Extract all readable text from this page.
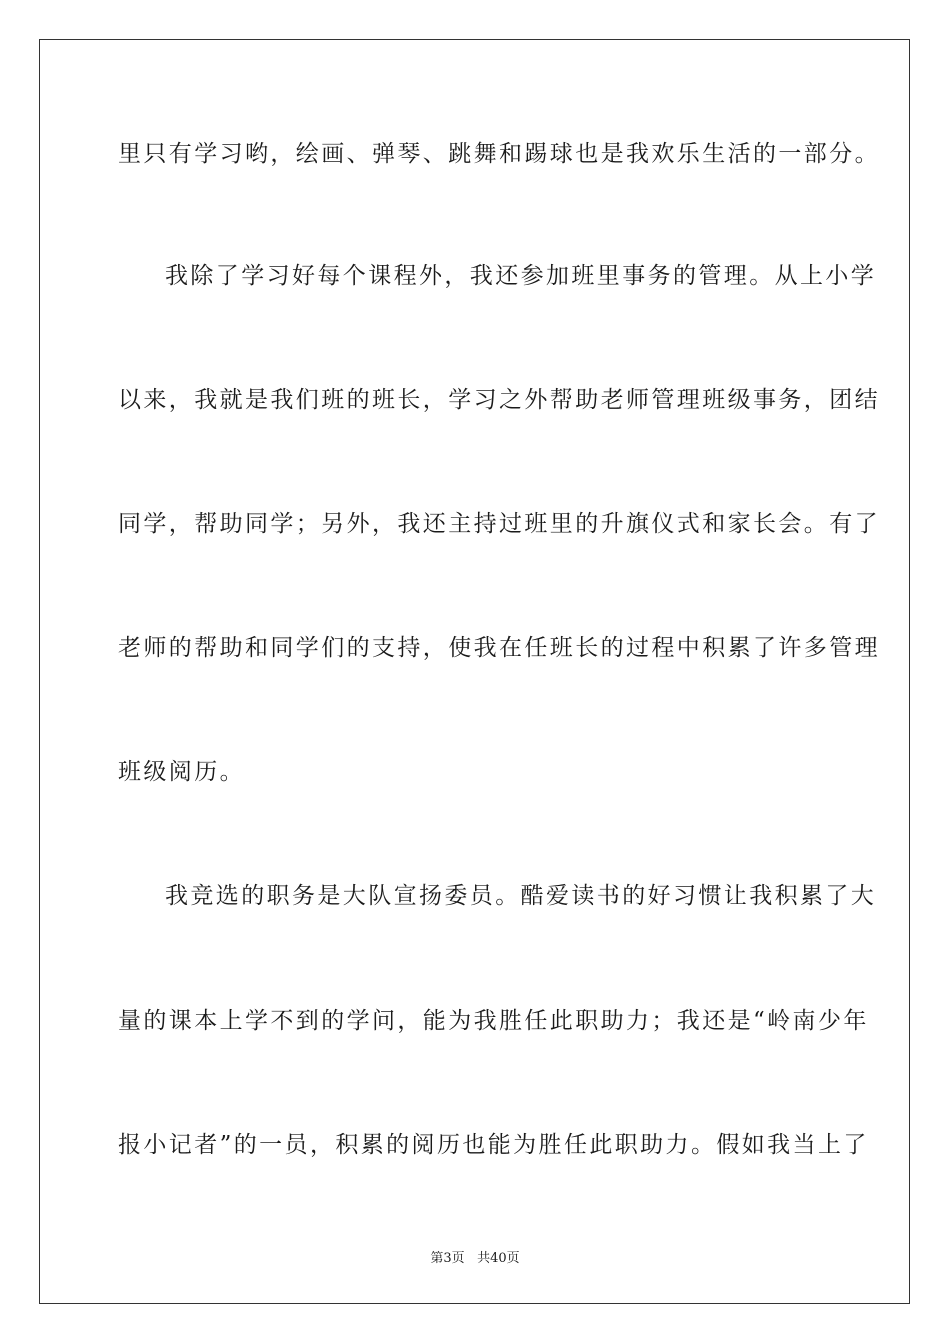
里只有学习哟，绘画、弹琴、跳舞和踢球也是我欢乐生活的一部分。
我除了学习好每个课程外，我还参加班里事务的管理。从上小学
以来，我就是我们班的班长，学习之外帮助老师管理班级事务，团结
同学，帮助同学；另外，我还主持过班里的升旗仪式和家长会。有了
老师的帮助和同学们的支持，使我在任班长的过程中积累了许多管理
班级阅历。
我竞选的职务是大队宣扬委员。酷爱读书的好习惯让我积累了大
量的课本上学不到的学问，能为我胜任此职助力；我还是“岭南少年
报小记者”的一员，积累的阅历也能为胜任此职助力。假如我当上了
第3页 共40页
